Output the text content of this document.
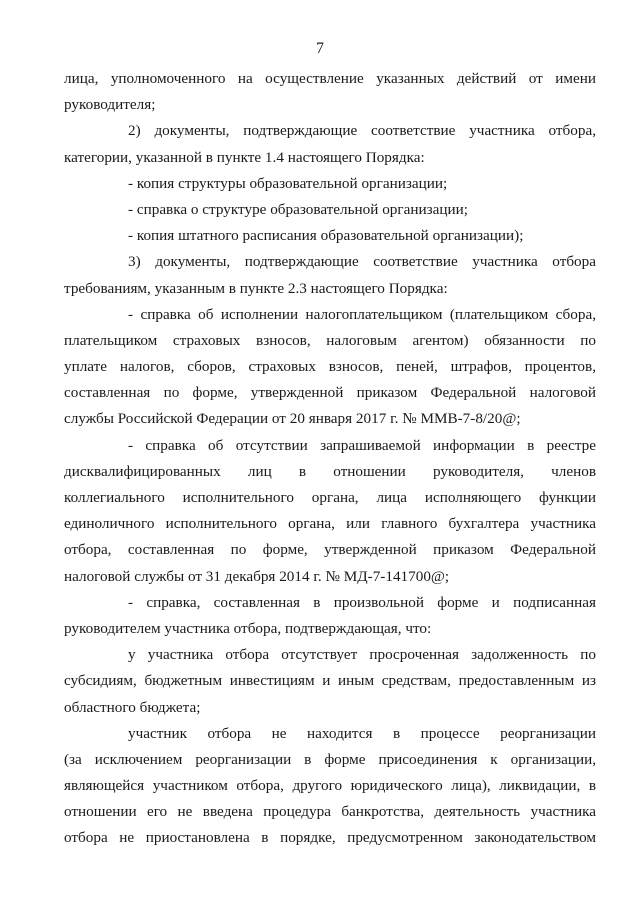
7
лица, уполномоченного на осуществление указанных действий от имени
руководителя;
2) документы, подтверждающие соответствие участника отбора,
категории, указанной в пункте 1.4 настоящего Порядка:
- копия структуры образовательной организации;
- справка о структуре образовательной организации;
- копия штатного расписания образовательной организации);
3) документы, подтверждающие соответствие участника отбора
требованиям, указанным в пункте 2.3 настоящего Порядка:
- справка об исполнении налогоплательщиком (плательщиком сбора,
плательщиком страховых взносов, налоговым агентом) обязанности по
уплате налогов, сборов, страховых взносов, пеней, штрафов, процентов,
составленная по форме, утвержденной приказом Федеральной налоговой
службы Российской Федерации от 20 января 2017 г. № ММВ-7-8/20@;
- справка об отсутствии запрашиваемой информации в реестре
дисквалифицированных лиц в отношении руководителя, членов
коллегиального исполнительного органа, лица исполняющего функции
единоличного исполнительного органа, или главного бухгалтера участника
отбора, составленная по форме, утвержденной приказом Федеральной
налоговой службы от 31 декабря 2014 г. № МД-7-141700@;
- справка, составленная в произвольной форме и подписанная
руководителем участника отбора, подтверждающая, что:
у участника отбора отсутствует просроченная задолженность по
субсидиям, бюджетным инвестициям и иным средствам, предоставленным из
областного бюджета;
участник отбора не находится в процессе реорганизации
(за исключением реорганизации в форме присоединения к организации,
являющейся участником отбора, другого юридического лица), ликвидации, в
отношении его не введена процедура банкротства, деятельность участника
отбора не приостановлена в порядке, предусмотренном законодательством
